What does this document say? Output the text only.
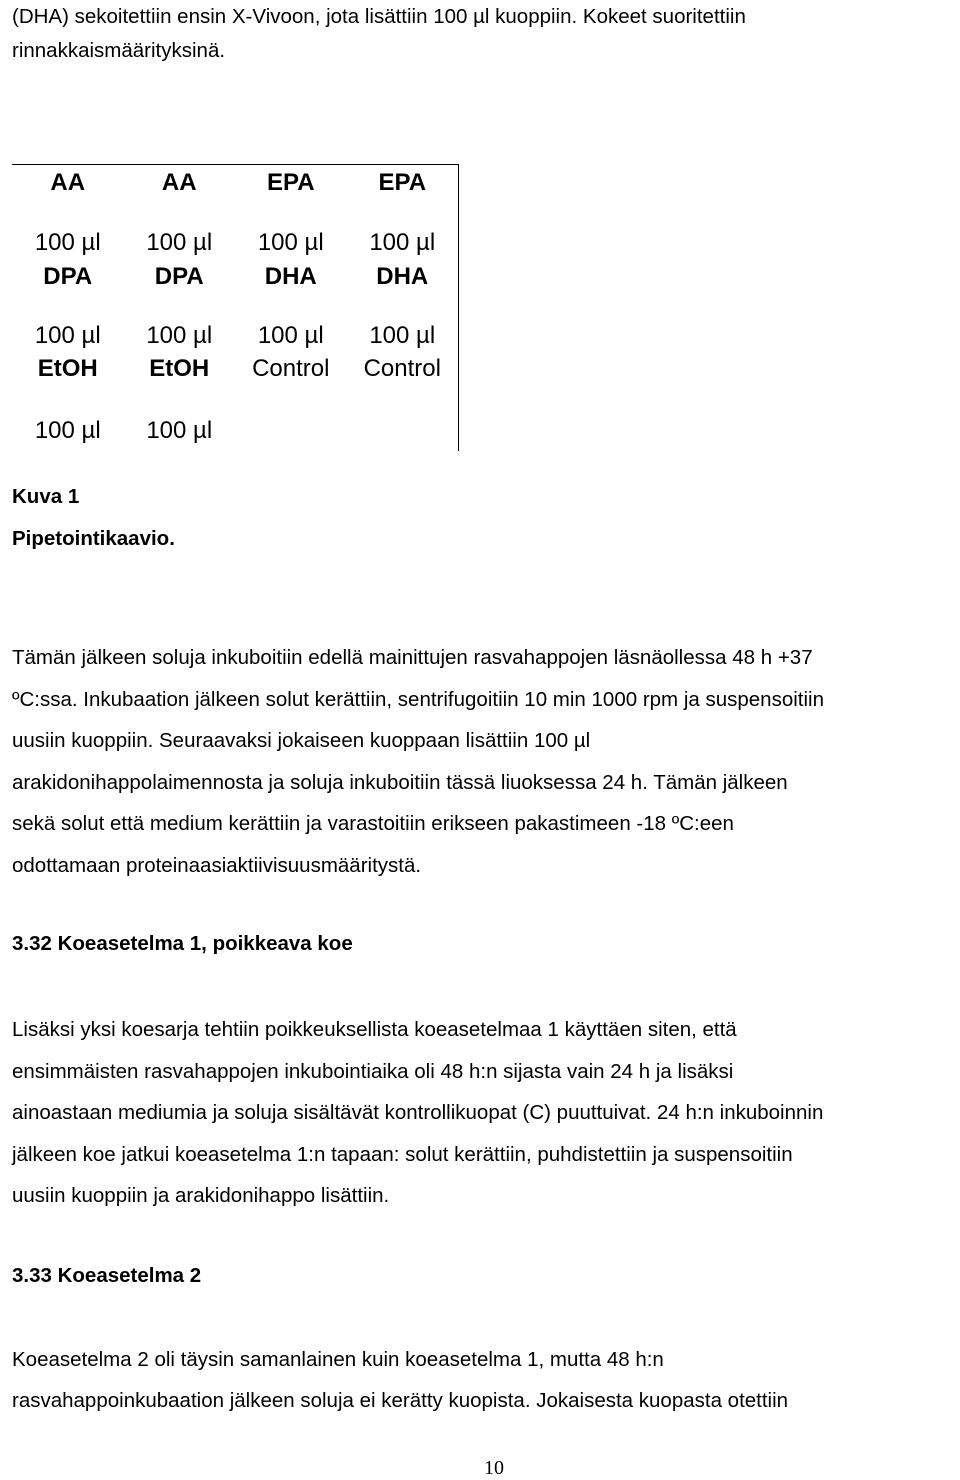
(DHA) sekoitettiin ensin X-Vivoon, jota lisättiin 100 µl kuoppiin. Kokeet suoritettiin
rinnakkaismäärityksinä.
AA
100 µl
AA
100 µl
EPA
100 µl
EPA
100 µl
DPA
100 µl
DPA
100 µl
DHA
100 µl
DHA
100 µl
EtOH
100 µl
EtOH
100 µl
Control	Control
Kuva 1
Pipetointikaavio.
Tämän jälkeen soluja inkuboitiin edellä mainittujen rasvahappojen läsnäollessa 48 h +37
ºC:ssa. Inkubaation jälkeen solut kerättiin, sentrifugoitiin 10 min 1000 rpm ja suspensoitiin
uusiin kuoppiin. Seuraavaksi jokaiseen kuoppaan lisättiin 100 µl
arakidonihappolaimennosta ja soluja inkuboitiin tässä liuoksessa 24 h. Tämän jälkeen
sekä solut että medium kerättiin ja varastoitiin erikseen pakastimeen -18 ºC:een
odottamaan proteinaasiaktiivisuusmääritystä.
3.32 Koeasetelma 1, poikkeava koe
Lisäksi yksi koesarja tehtiin poikkeuksellista koeasetelmaa 1 käyttäen siten, että
ensimmäisten rasvahappojen inkubointiaika oli 48 h:n sijasta vain 24 h ja lisäksi
ainoastaan mediumia ja soluja sisältävät kontrollikuopat (C) puuttuivat. 24 h:n inkuboinnin
jälkeen koe jatkui koeasetelma 1:n tapaan: solut kerättiin, puhdistettiin ja suspensoitiin
uusiin kuoppiin ja arakidonihappo lisättiin.
3.33 Koeasetelma 2
Koeasetelma 2 oli täysin samanlainen kuin koeasetelma 1, mutta 48 h:n
rasvahappoinkubaation jälkeen soluja ei kerätty kuopista. Jokaisesta kuopasta otettiin
10
